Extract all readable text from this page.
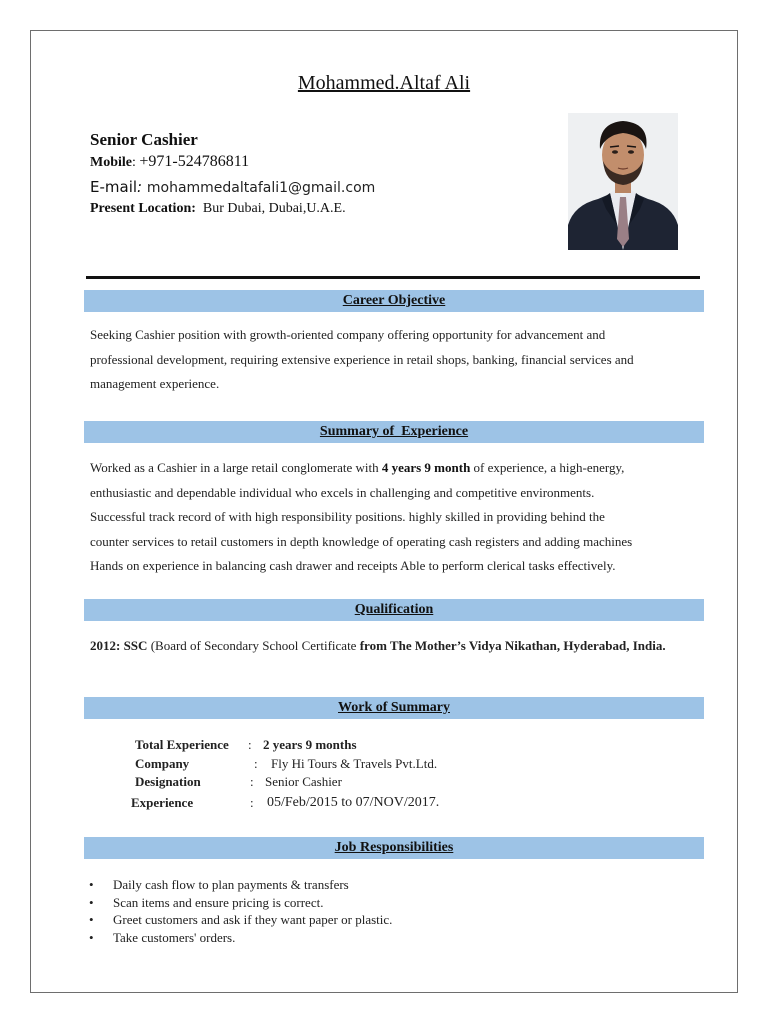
Mohammed.Altaf Ali
Senior Cashier
Mobile: +971-524786811
E-mail: mohammedaltafali1@gmail.com
Present Location: Bur Dubai, Dubai,U.A.E.
Career Objective
Seeking Cashier position with growth-oriented company offering opportunity for advancement and
professional development, requiring extensive experience in retail shops, banking, financial services and
management experience.
Summary of  Experience
Worked as a Cashier in a large retail conglomerate with 4 years 9 month of experience, a high-energy,
enthusiastic and dependable individual who excels in challenging and competitive environments.
Successful track record of with high responsibility positions. highly skilled in providing behind the
counter services to retail customers in depth knowledge of operating cash registers and adding machines
Hands on experience in balancing cash drawer and receipts Able to perform clerical tasks effectively.
Qualification
2012: SSC (Board of Secondary School Certificate from The Mother’s Vidya Nikathan, Hyderabad, India.
Work of Summary
Total Experience : 2 years 9 months
Company	: Fly Hi Tours & Travels Pvt.Ltd.
Designation	: Senior Cashier
Experience	: 05/Feb/2015 to 07/NOV/2017.
Job Responsibilities
• Daily cash flow to plan payments & transfers
• Scan items and ensure pricing is correct.
• Greet customers and ask if they want paper or plastic.
• Take customers' orders.
